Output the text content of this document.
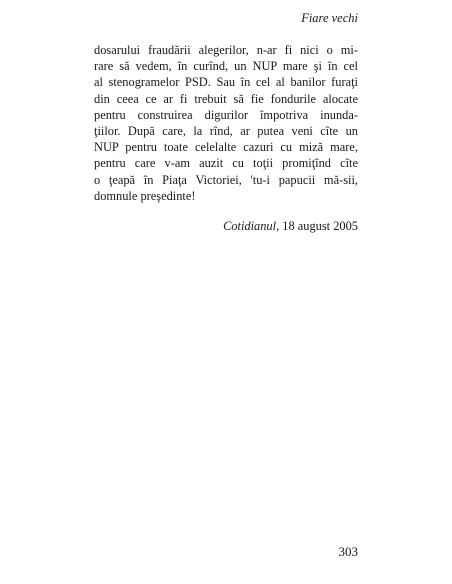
Fiare vechi
dosarului fraudării alegerilor, n-ar fi nici o mi-
rare să vedem, în curînd, un NUP mare şi în cel
al stenogramelor PSD. Sau în cel al banilor furaţi
din ceea ce ar fi trebuit să fie fondurile alocate
pentru construirea digurilor împotriva inunda-
ţiilor. După care, la rînd, ar putea veni cîte un
NUP pentru toate celelalte cazuri cu miză mare,
pentru care v-am auzit cu toţii promiţînd cîte
o ţeapă în Piaţa Victoriei, 'tu-i papucii mă-sii,
domnule preşedinte!
Cotidianul, 18 august 2005
303
